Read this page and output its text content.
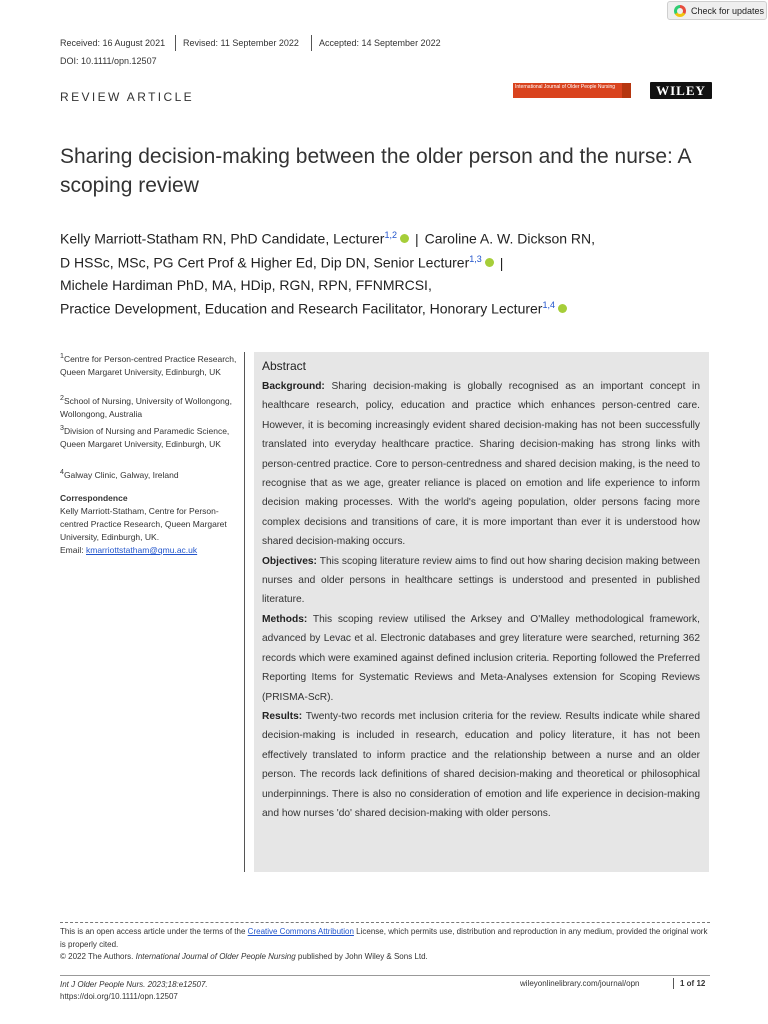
Check for updates
Received: 16 August 2021 Revised: 11 September 2022 Accepted: 14 September 2022
DOI: 10.1111/opn.12507
REVIEW ARTICLE
International Journal of Older People Nursing	WILEY
Sharing decision-making between the older person and the nurse: A scoping review
Kelly Marriott-Statham RN, PhD Candidate, Lecturer$^{1,2}$ | Caroline A. W. Dickson RN,
D HSSc, MSc, PG Cert Prof & Higher Ed, Dip DN, Senior Lecturer$^{1,3}$ |
Michele Hardiman PhD, MA, HDip, RGN, RPN, FFNMRCSI,
Practice Development, Education and Research Facilitator, Honorary Lecturer$^{1,4}$
$^1$Centre for Person-centred Practice Research, Queen Margaret University, Edinburgh, UK
$^2$School of Nursing, University of Wollongong, Wollongong, Australia
$^3$Division of Nursing and Paramedic Science, Queen Margaret University, Edinburgh, UK
$^4$Galway Clinic, Galway, Ireland
Correspondence
Kelly Marriott-Statham, Centre for Person-centred Practice Research, Queen Margaret University, Edinburgh, UK.
Email: kmarriottstatham@qmu.ac.uk
Abstract

Background: Sharing decision-making is globally recognised as an important concept in healthcare research, policy, education and practice which enhances person-centred care. However, it is becoming increasingly evident shared decision-making has not been successfully translated into everyday healthcare practice. Sharing decision-making has strong links with person-centred practice. Core to person-centredness and shared decision making, is the need to recognise that as we age, greater reliance is placed on emotion and life experience to inform decision making processes. With the world's ageing population, older persons facing more complex decisions and transitions of care, it is more important than ever it is understood how shared decision-making occurs.

Objectives: This scoping literature review aims to find out how sharing decision making between nurses and older persons in healthcare settings is understood and presented in published literature.

Methods: This scoping review utilised the Arksey and O'Malley methodological framework, advanced by Levac et al. Electronic databases and grey literature were searched, returning 362 records which were examined against defined inclusion criteria. Reporting followed the Preferred Reporting Items for Systematic Reviews and Meta-Analyses extension for Scoping Reviews (PRISMA-ScR).

Results: Twenty-two records met inclusion criteria for the review. Results indicate while shared decision-making is included in research, education and policy literature, it has not been effectively translated to inform practice and the relationship between a nurse and an older person. The records lack definitions of shared decision-making and theoretical or philosophical underpinnings. There is also no consideration of emotion and life experience in decision-making and how nurses 'do' shared decision-making with older persons.

This is an open access article under the terms of the Creative Commons Attribution License, which permits use, distribution and reproduction in any medium, provided the original work is properly cited.
© 2022 The Authors. International Journal of Older People Nursing published by John Wiley & Sons Ltd.
Int J Older People Nurs. 2023;18:e12507.
https://doi.org/10.1111/opn.12507
wileyonlinelibrary.com/journal/opn	1 of 12
